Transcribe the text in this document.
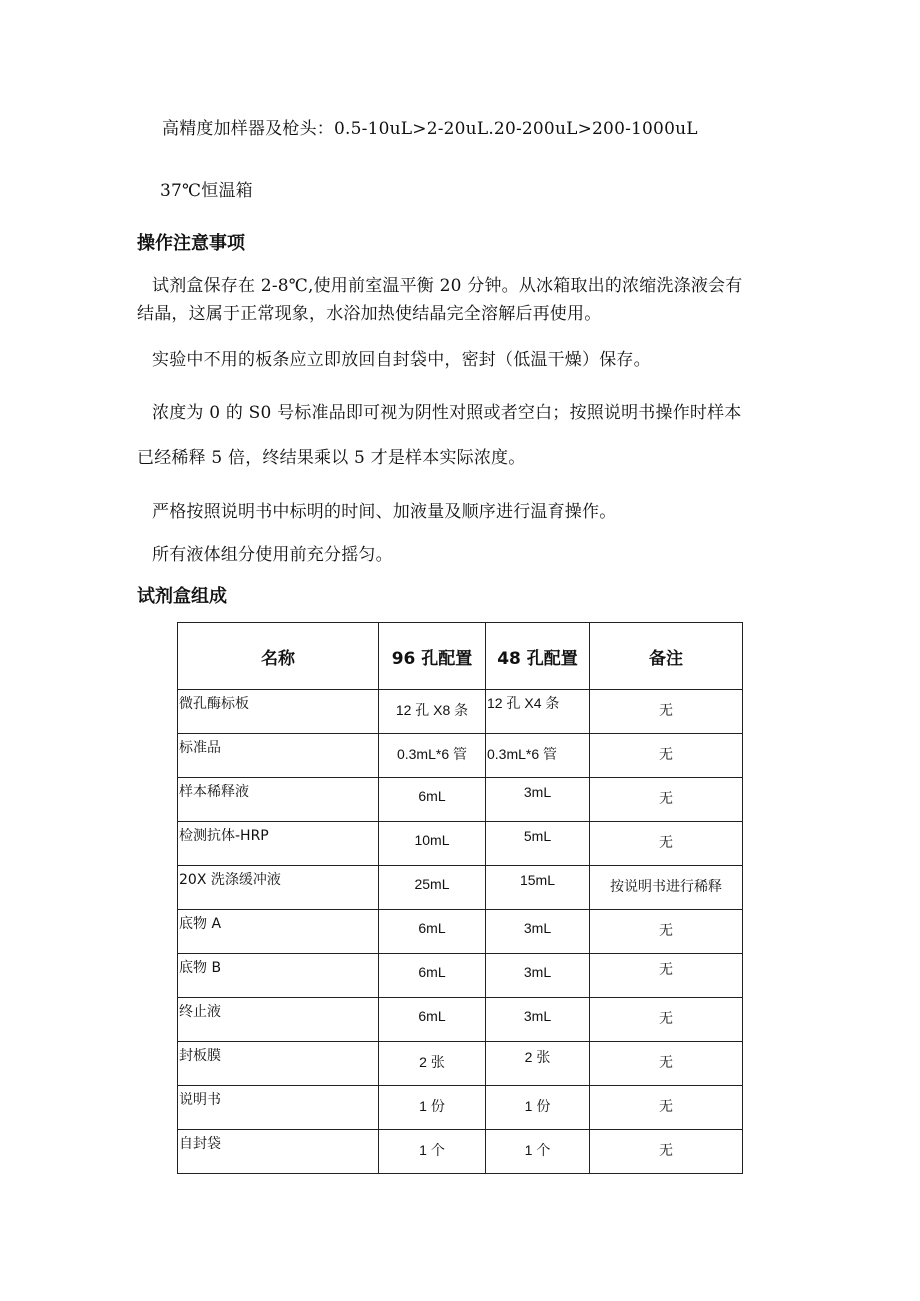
高精度加样器及枪头：0.5-10uL>2-20uL.20-200uL>200-1000uL
37℃恒温箱
操作注意事项
试剂盒保存在 2-8℃,使用前室温平衡 20 分钟。从冰箱取出的浓缩洗涤液会有
结晶，这属于正常现象，水浴加热使结晶完全溶解后再使用。
实验中不用的板条应立即放回自封袋中，密封（低温干燥）保存。
浓度为 0 的 S0 号标准品即可视为阴性对照或者空白；按照说明书操作时样本
已经稀释 5 倍，终结果乘以 5 才是样本实际浓度。
严格按照说明书中标明的时间、加液量及顺序进行温育操作。
所有液体组分使用前充分摇匀。
试剂盒组成
名称	96 孔配置	48 孔配置	备注

微孔酶标板	12 孔 X8 条	12 孔 X4 条	无

标准品	0.3mL*6 管	0.3mL*6 管	无

样本稀释液	6mL	3mL	无

检测抗体-HRP	10mL	5mL	无

20X 洗涤缓冲液	25mL	15mL	按说明书进行稀释

底物 A	6mL	3mL	无

底物 B	6mL	3mL	无

终止液	6mL	3mL	无

封板膜	2 张	2 张	无

说明书	1 份	1 份	无

自封袋	1 个	1 个	无
